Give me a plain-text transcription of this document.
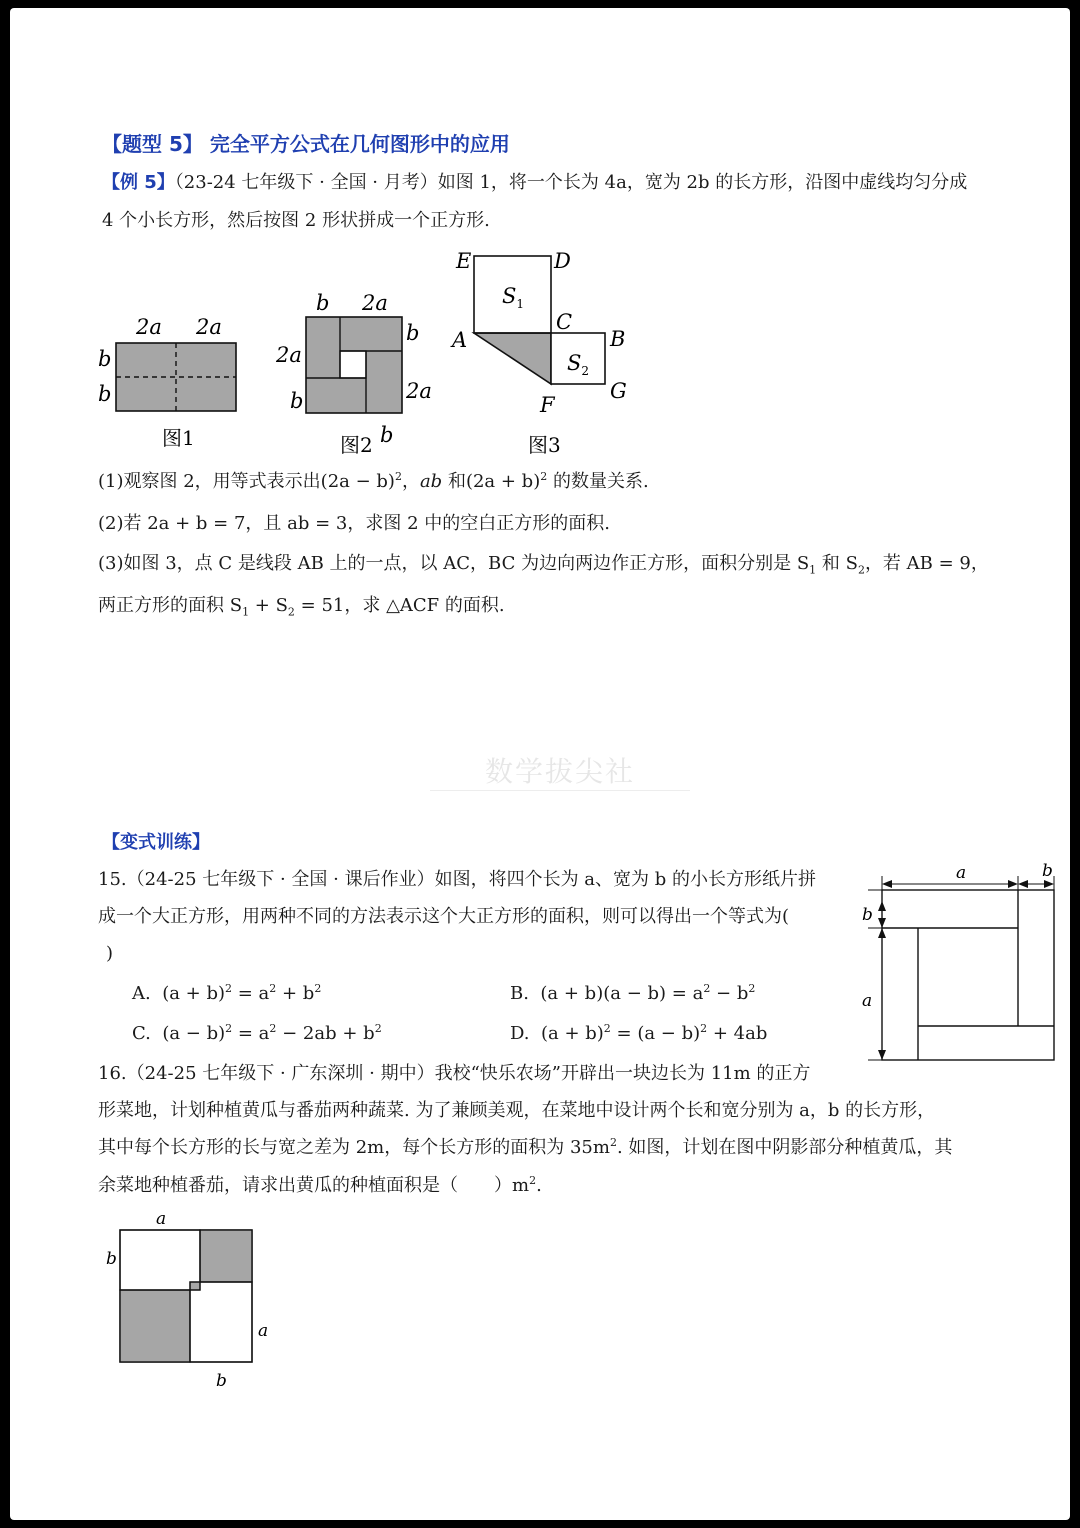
【题型 5】 完全平方公式在几何图形中的应用
【例 5】（23-24 七年级下 · 全国 · 月考）如图 1，将一个长为 4a，宽为 2b 的长方形，沿图中虚线均匀分成
4 个小长方形，然后按图 2 形状拼成一个正方形.
2a 2a
b
b
图1
b 2a
b
2a
2a
b
b
图2
E	D
$S_1$
A
C
B
$S_2$
G
F
图3
(1)观察图 2，用等式表示出$(2a - b)^2$，ab 和$(2a + b)^2$ 的数量关系.
(2)若 2a + b = 7，且 ab = 3，求图 2 中的空白正方形的面积.
(3)如图 3，点 C 是线段 AB 上的一点，以 AC，BC 为边向两边作正方形，面积分别是 $S_1$ 和 $S_2$，若 AB = 9，
两正方形的面积 $S_1 + S_2 = 51$，求 △ACF 的面积.
数学拔尖社
【变式训练】
15.（24-25 七年级下 · 全国 · 课后作业）如图，将四个长为 a、宽为 b 的小长方形纸片拼
成一个大正方形，用两种不同的方法表示这个大正方形的面积，则可以得出一个等式为(
)
A. $(a + b)^2 = a^2 + b^2$	B. $(a + b)(a - b) = a^2 - b^2$
C. $(a - b)^2 = a^2 - 2ab + b^2$	D. $(a + b)^2 = (a - b)^2 + 4ab$
a	b
b
a
16.（24-25 七年级下 · 广东深圳 · 期中）我校“快乐农场”开辟出一块边长为 11m 的正方
形菜地，计划种植黄瓜与番茄两种蔬菜. 为了兼顾美观，在菜地中设计两个长和宽分别为 a，b 的长方形，
其中每个长方形的长与宽之差为 2m，每个长方形的面积为 $35m^2$. 如图，计划在图中阴影部分种植黄瓜，其
余菜地种植番茄，请求出黄瓜的种植面积是（　　）$m^2$.
a
b
a
b
